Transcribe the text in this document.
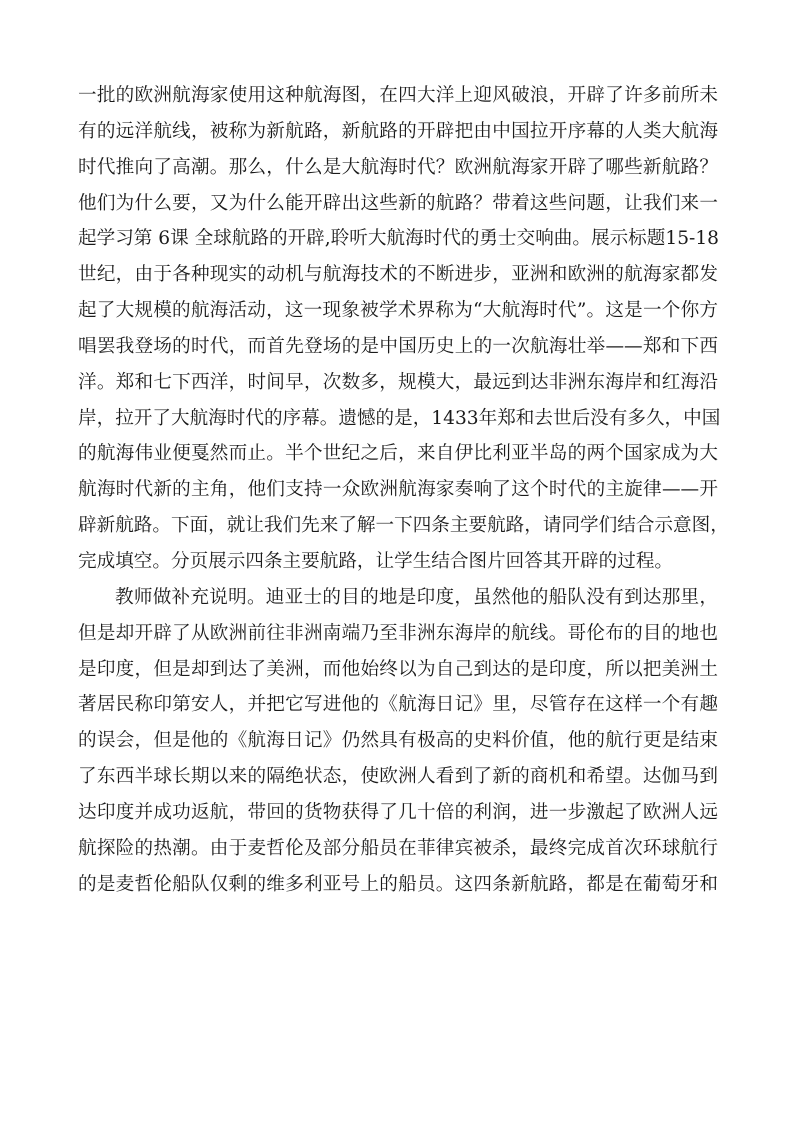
一批的欧洲航海家使用这种航海图，在四大洋上迎风破浪，开辟了许多前所未
有的远洋航线，被称为新航路，新航路的开辟把由中国拉开序幕的人类大航海
时代推向了高潮。那么，什么是大航海时代？欧洲航海家开辟了哪些新航路？
他们为什么要，又为什么能开辟出这些新的航路？带着这些问题，让我们来一
起学习第 6课 全球航路的开辟,聆听大航海时代的勇士交响曲。展示标题15-18
世纪，由于各种现实的动机与航海技术的不断进步，亚洲和欧洲的航海家都发
起了大规模的航海活动，这一现象被学术界称为“大航海时代”。这是一个你方
唱罢我登场的时代，而首先登场的是中国历史上的一次航海壮举——郑和下西
洋。郑和七下西洋，时间早，次数多，规模大，最远到达非洲东海岸和红海沿
岸，拉开了大航海时代的序幕。遗憾的是，1433年郑和去世后没有多久，中国
的航海伟业便戛然而止。半个世纪之后，来自伊比利亚半岛的两个国家成为大
航海时代新的主角，他们支持一众欧洲航海家奏响了这个时代的主旋律——开
辟新航路。下面，就让我们先来了解一下四条主要航路，请同学们结合示意图，
完成填空。分页展示四条主要航路，让学生结合图片回答其开辟的过程。
教师做补充说明。迪亚士的目的地是印度，虽然他的船队没有到达那里，
但是却开辟了从欧洲前往非洲南端乃至非洲东海岸的航线。哥伦布的目的地也
是印度，但是却到达了美洲，而他始终以为自己到达的是印度，所以把美洲土
著居民称印第安人，并把它写进他的《航海日记》里，尽管存在这样一个有趣
的误会，但是他的《航海日记》仍然具有极高的史料价值，他的航行更是结束
了东西半球长期以来的隔绝状态，使欧洲人看到了新的商机和希望。达伽马到
达印度并成功返航，带回的货物获得了几十倍的利润，进一步激起了欧洲人远
航探险的热潮。由于麦哲伦及部分船员在菲律宾被杀，最终完成首次环球航行
的是麦哲伦船队仅剩的维多利亚号上的船员。这四条新航路，都是在葡萄牙和
